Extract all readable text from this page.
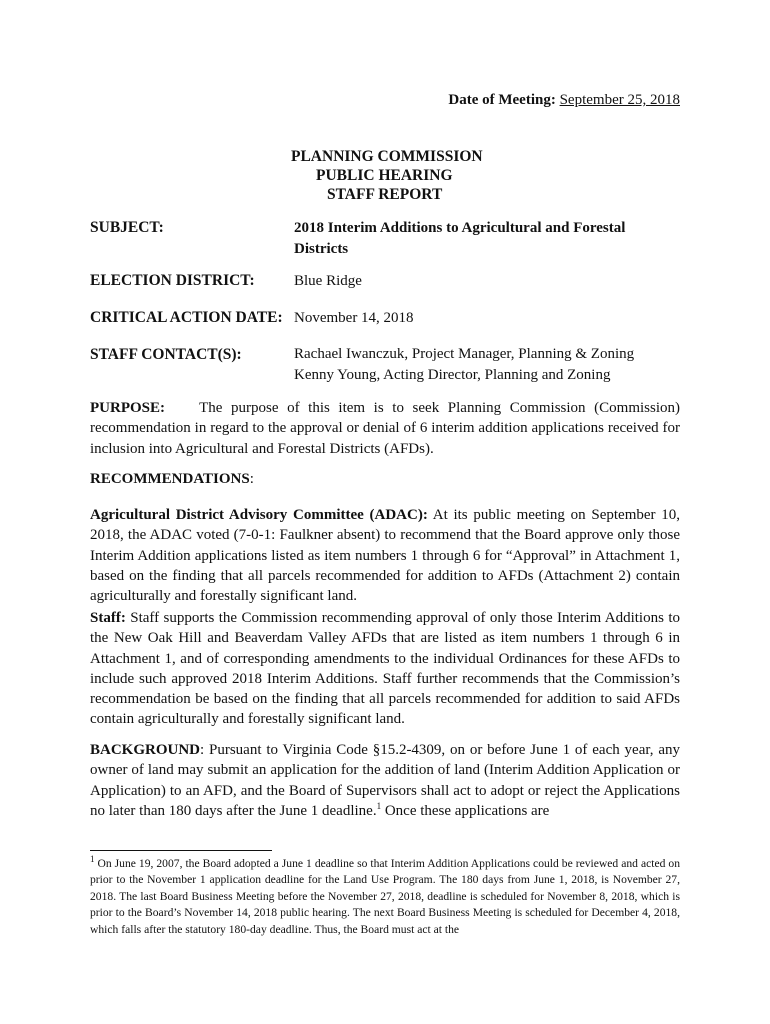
Date of Meeting: September 25, 2018

PLANNING COMMISSION
PUBLIC HEARING
STAFF REPORT
SUBJECT:	2018 Interim Additions to Agricultural and Forestal
Districts
ELECTION DISTRICT:	Blue Ridge
CRITICAL ACTION DATE: November 14, 2018
STAFF CONTACT(S):	Rachael Iwanczuk, Project Manager, Planning & Zoning
Kenny Young, Acting Director, Planning and Zoning

PURPOSE: The purpose of this item is to seek Planning Commission (Commission) recommendation in regard to the approval or denial of 6 interim addition applications received for inclusion into Agricultural and Forestal Districts (AFDs).

RECOMMENDATIONS:

Agricultural District Advisory Committee (ADAC): At its public meeting on September 10, 2018, the ADAC voted (7-0-1: Faulkner absent) to recommend that the Board approve only those Interim Addition applications listed as item numbers 1 through 6 for “Approval” in Attachment 1, based on the finding that all parcels recommended for addition to AFDs (Attachment 2) contain agriculturally and forestally significant land.

Staff: Staff supports the Commission recommending approval of only those Interim Additions to the New Oak Hill and Beaverdam Valley AFDs that are listed as item numbers 1 through 6 in Attachment 1, and of corresponding amendments to the individual Ordinances for these AFDs to include such approved 2018 Interim Additions. Staff further recommends that the Commission’s recommendation be based on the finding that all parcels recommended for addition to said AFDs contain agriculturally and forestally significant land.

BACKGROUND: Pursuant to Virginia Code §15.2-4309, on or before June 1 of each year, any owner of land may submit an application for the addition of land (Interim Addition Application or Application) to an AFD, and the Board of Supervisors shall act to adopt or reject the Applications no later than 180 days after the June 1 deadline.$^1$ Once these applications are

$^1$ On June 19, 2007, the Board adopted a June 1 deadline so that Interim Addition Applications could be reviewed and acted on prior to the November 1 application deadline for the Land Use Program. The 180 days from June 1, 2018, is November 27, 2018. The last Board Business Meeting before the November 27, 2018, deadline is scheduled for November 8, 2018, which is prior to the Board’s November 14, 2018 public hearing. The next Board Business Meeting is scheduled for December 4, 2018, which falls after the statutory 180-day deadline. Thus, the Board must act at the
